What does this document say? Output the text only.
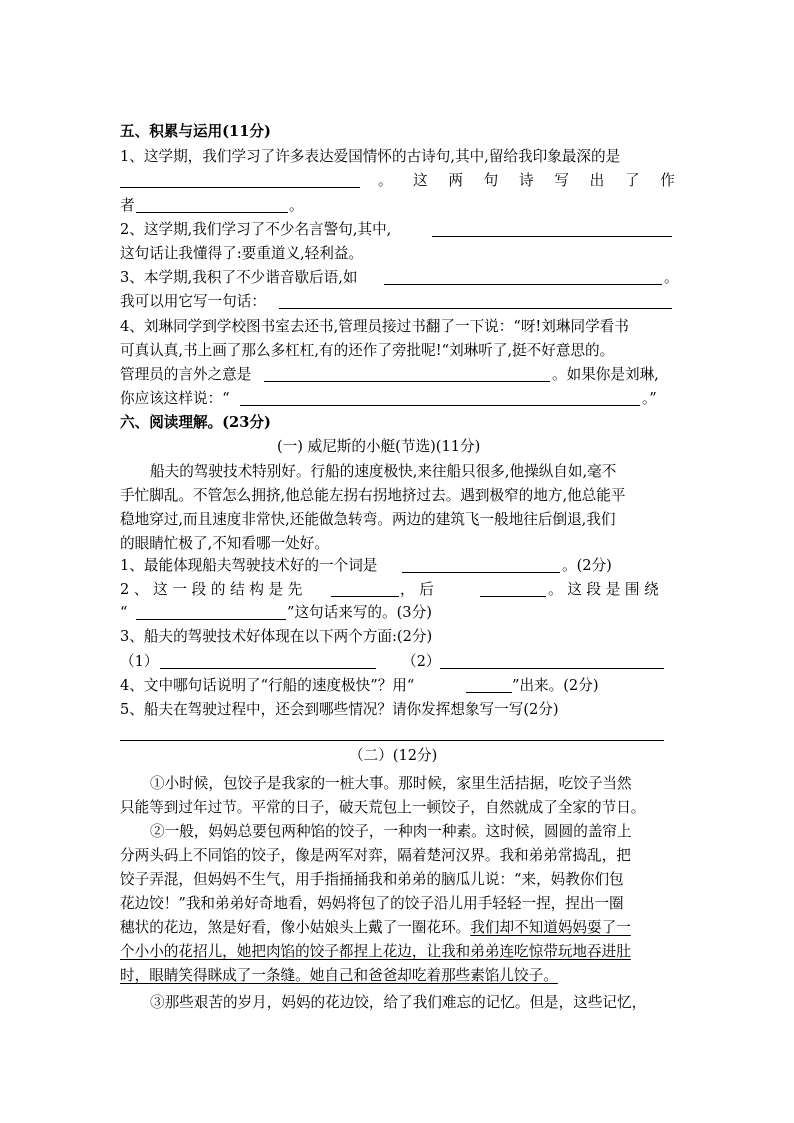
五、积累与运用(11分)
1、这学期，我们学习了许多表达爱国情怀的古诗句,其中,留给我印象最深的是
。 这 两 句 诗 写 出 了 作
者	。
2、这学期,我们学习了不少名言警句,其中,
这句话让我懂得了:要重道义,轻利益。
3、本学期,我积了不少谐音歇后语,如	。
我可以用它写一句话：
4、刘琳同学到学校图书室去还书,管理员接过书翻了一下说：“呀!刘琳同学看书
可真认真,书上画了那么多杠杠,有的还作了旁批呢!“刘琳听了,挺不好意思的。
管理员的言外之意是	。如果你是刘琳,
你应该这样说：“	。”
六、阅读理解。(23分)
(一) 威尼斯的小艇(节选)(11分)
船夫的驾驶技术特别好。行船的速度极快,来往船只很多,他操纵自如,毫不
手忙脚乱。不管怎么拥挤,他总能左拐右拐地挤过去。遇到极窄的地方,他总能平
稳地穿过,而且速度非常快,还能做急转弯。两边的建筑飞一般地往后倒退,我们
的眼睛忙极了,不知看哪一处好。
1、最能体现船夫驾驶技术好的一个词是	。(2分)
2 、 这 一 段 的 结 构 是 先	， 后	。 这 段 是 围 绕
“	”这句话来写的。(3分)
3、船夫的驾驶技术好体现在以下两个方面:(2分)
（1）	（2）
4、文中哪句话说明了“行船的速度极快”？用“	”出来。(2分)
5、船夫在驾驶过程中，还会到哪些情况？请你发挥想象写一写(2分)
（二）(12分)
①小时候，包饺子是我家的一桩大事。那时候，家里生活拮据，吃饺子当然
只能等到过年过节。平常的日子，破天荒包上一顿饺子，自然就成了全家的节日。
②一般，妈妈总要包两种馅的饺子，一种肉一种素。这时候，圆圆的盖帘上
分两头码上不同馅的饺子，像是两军对弈，隔着楚河汉界。我和弟弟常捣乱，把
饺子弄混，但妈妈不生气，用手指捅捅我和弟弟的脑瓜儿说：“来，妈教你们包
花边饺！”我和弟弟好奇地看，妈妈将包了的饺子沿儿用手轻轻一捏，捏出一圈
穗状的花边，煞是好看，像小姑娘头上戴了一圈花环。我们却不知道妈妈耍了一
个小小的花招儿，她把肉馅的饺子都捏上花边，让我和弟弟连吃惊带玩地吞进肚
时，眼睛笑得眯成了一条缝。她自己和爸爸却吃着那些素馅儿饺子。
③那些艰苦的岁月，妈妈的花边饺，给了我们难忘的记忆。但是，这些记忆，
